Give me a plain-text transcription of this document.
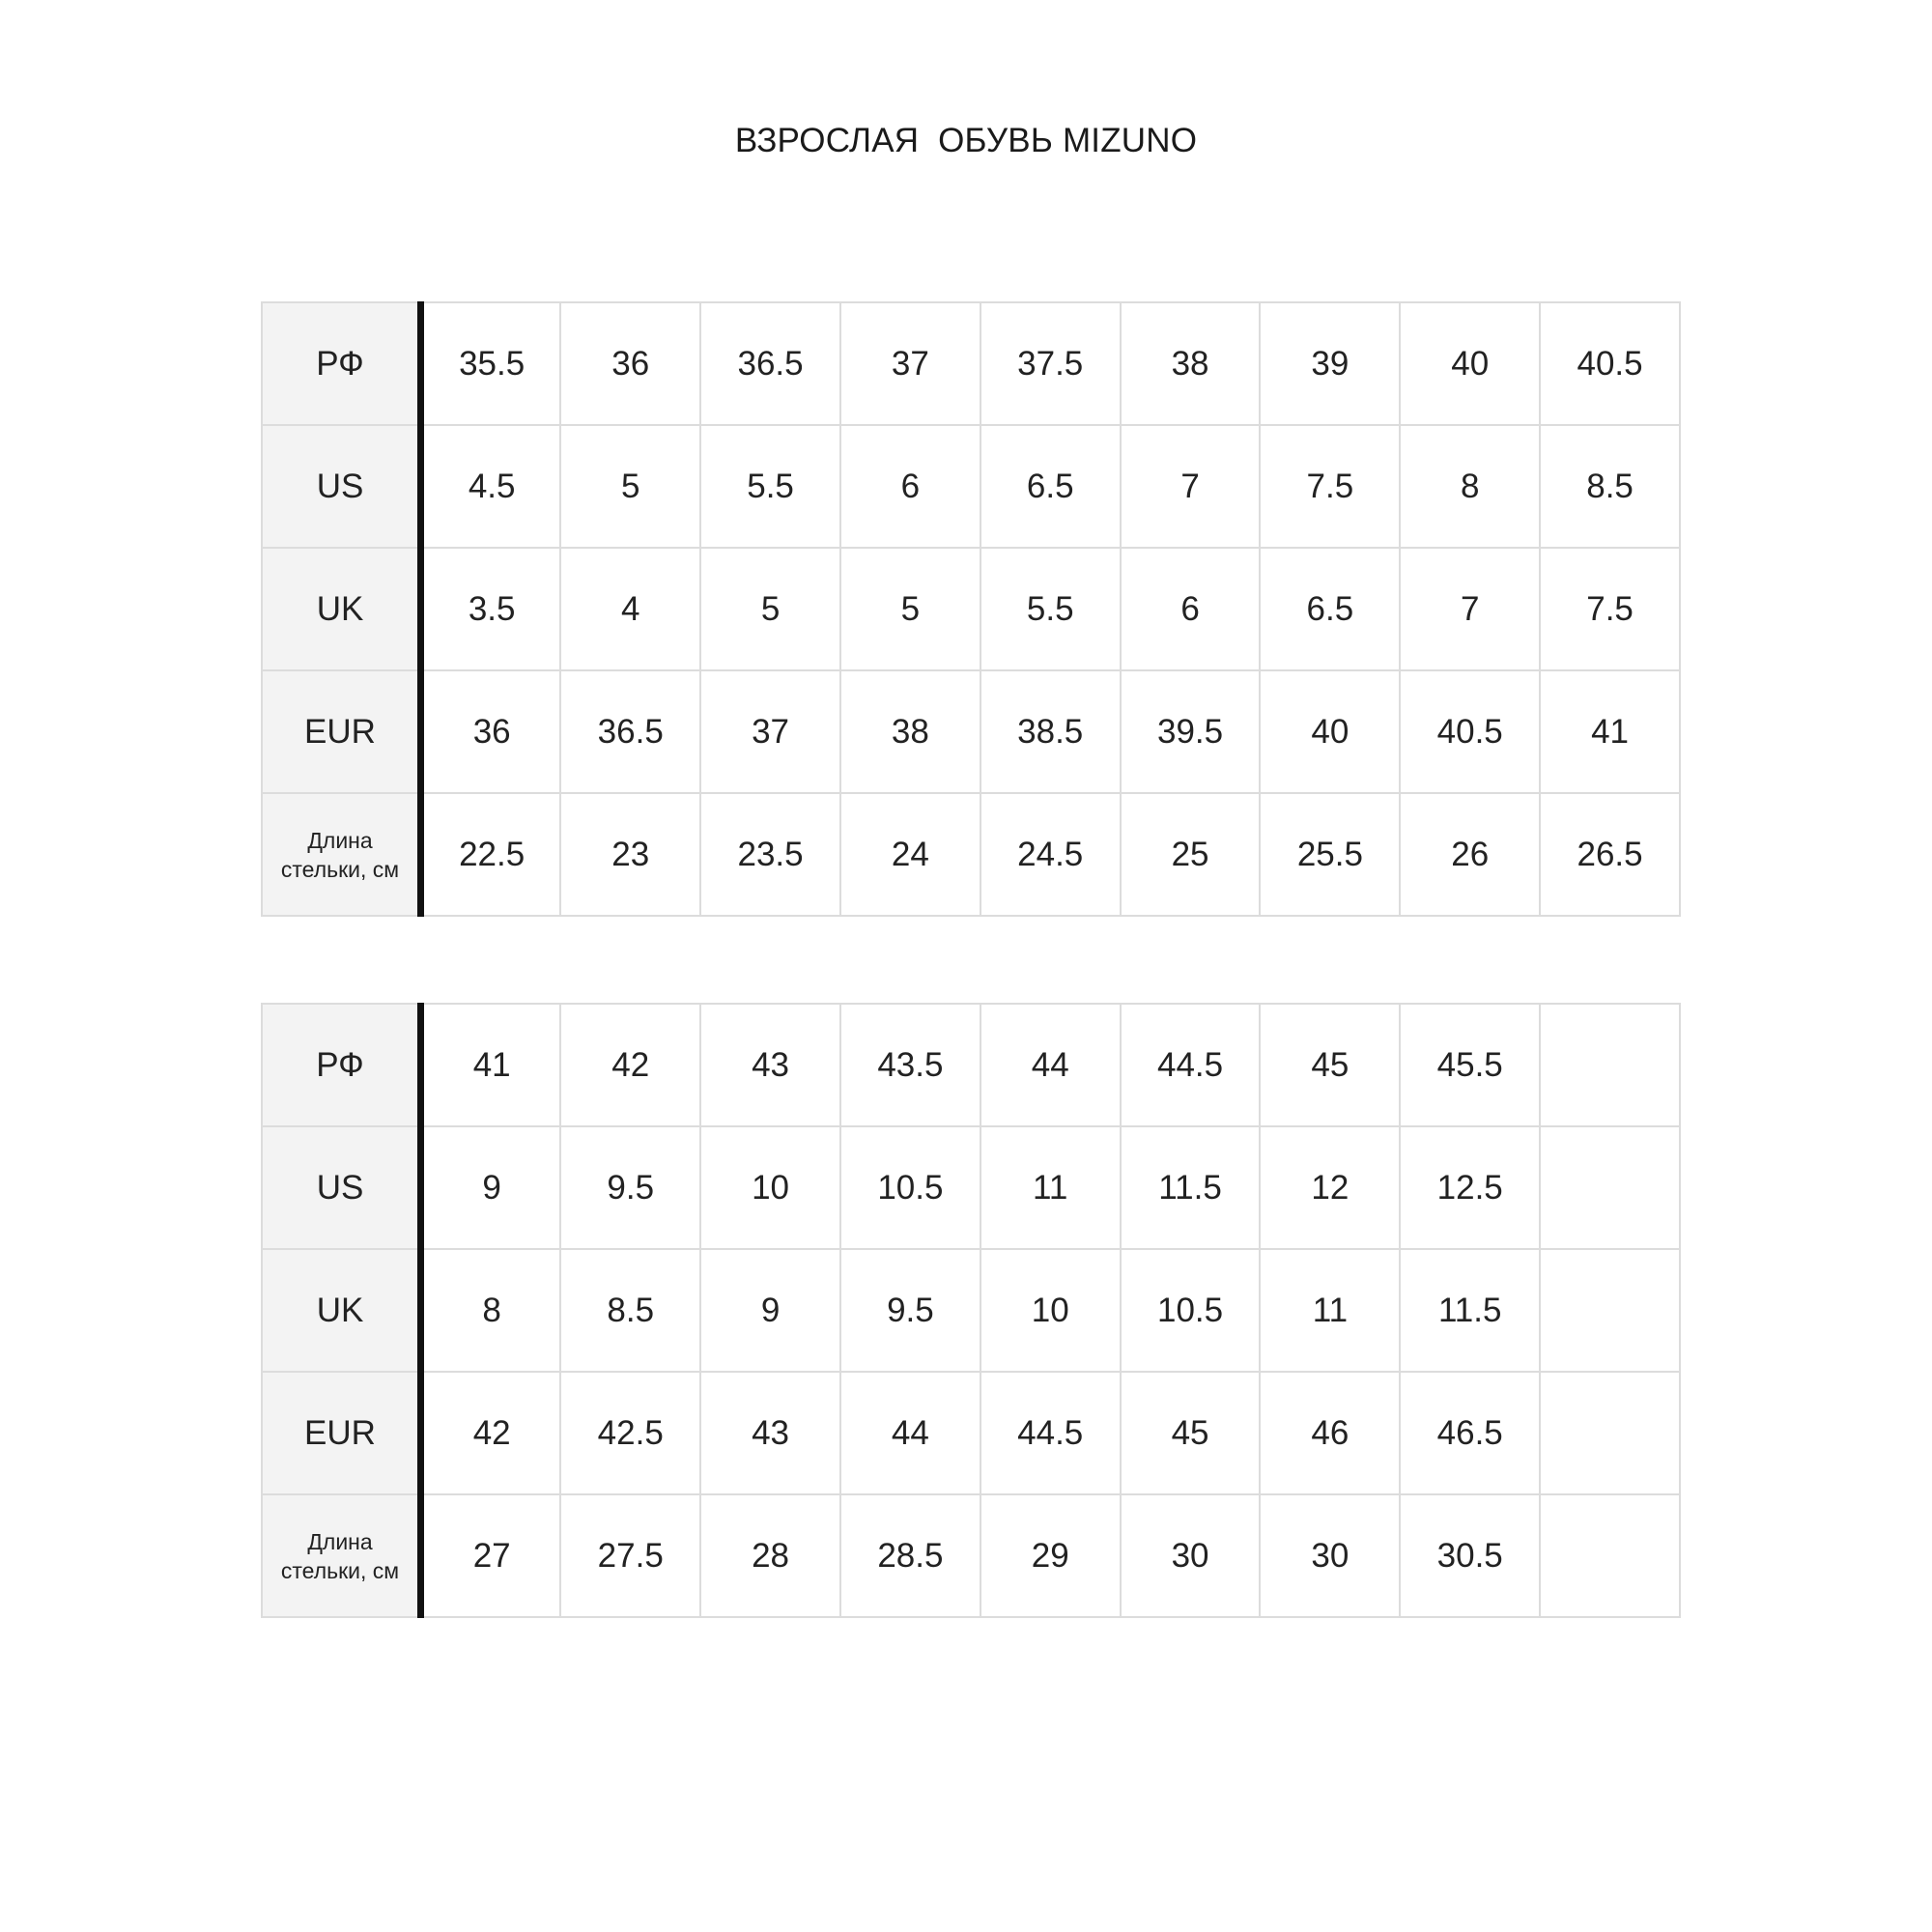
ВЗРОСЛАЯ  ОБУВЬ MIZUNO
РФ	35.5	36	36.5	37	37.5	38	39	40	40.5
US	4.5	5	5.5	6	6.5	7	7.5	8	8.5
UK	3.5	4	5	5	5.5	6	6.5	7	7.5
EUR	36	36.5	37	38	38.5	39.5	40	40.5	41

Длина
стельки, см	22.5	23	23.5	24	24.5	25	25.5	26	26.5
РФ	41	42	43	43.5	44	44.5	45	45.5	
US	9	9.5	10	10.5	11	11.5	12	12.5	
UK	8	8.5	9	9.5	10	10.5	11	11.5	
EUR	42	42.5	43	44	44.5	45	46	46.5	

Длина
стельки, см	27	27.5	28	28.5	29	30	30	30.5	
